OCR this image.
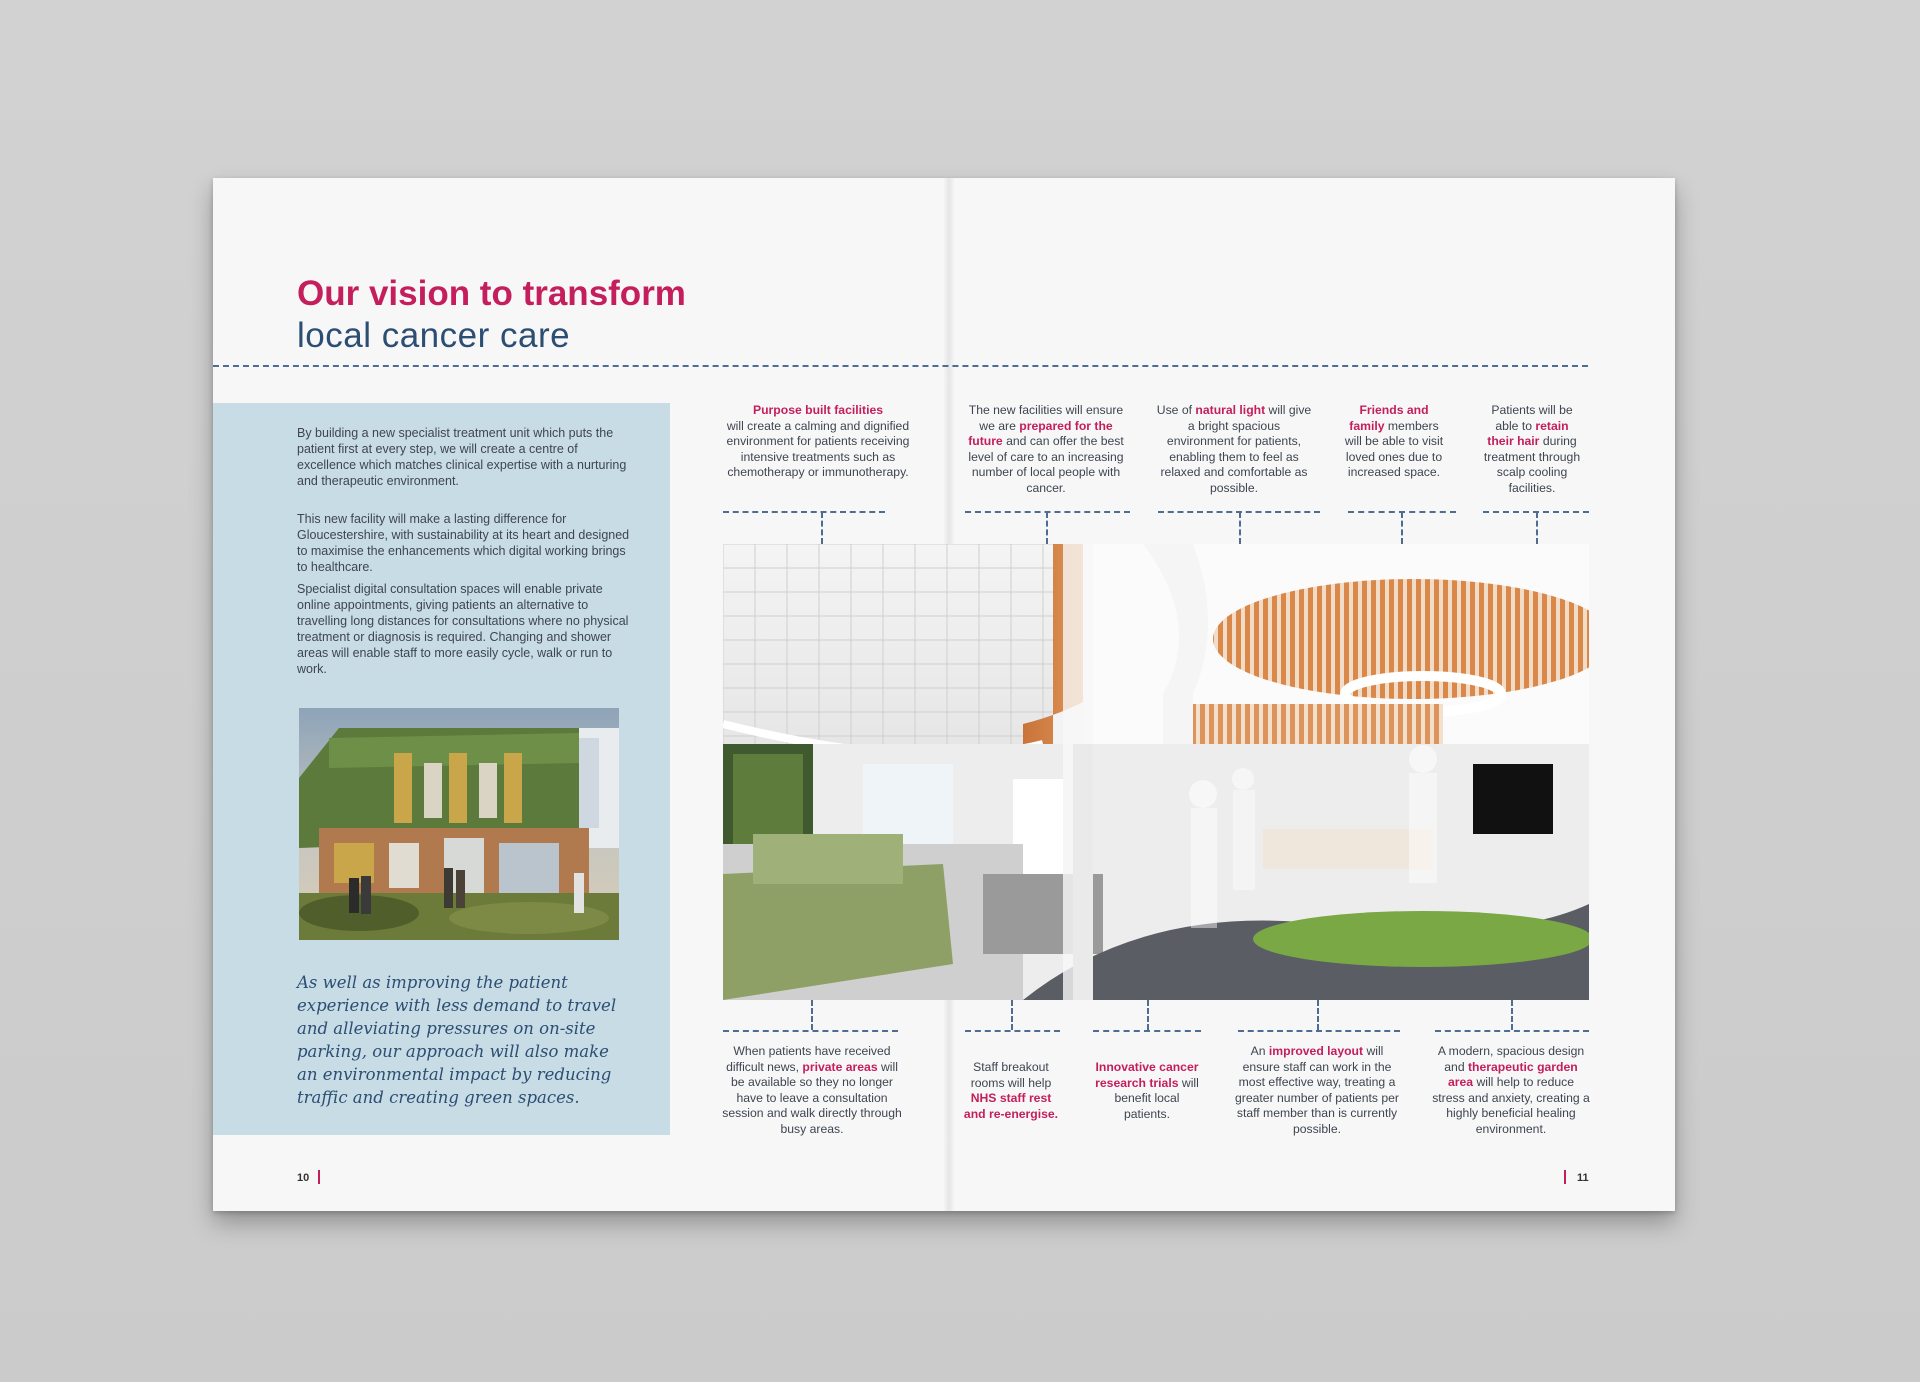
Our vision to transform
local cancer care
By building a new specialist treatment unit which puts the patient first at every step, we will create a centre of excellence which matches clinical expertise with a nurturing and therapeutic environment.
This new facility will make a lasting difference for Gloucestershire, with sustainability at its heart and designed to maximise the enhancements which digital working brings to healthcare.
Specialist digital consultation spaces will enable private online appointments, giving patients an alternative to travelling long distances for consultations where no physical treatment or diagnosis is required. Changing and shower areas will enable staff to more easily cycle, walk or run to work.
As well as improving the patient experience with less demand to travel and alleviating pressures on on-site parking, our approach will also make an environmental impact by reducing traffic and creating green spaces.
Purpose built facilities
will create a calming and dignified environment for patients receiving intensive treatments such as chemotherapy or immunotherapy.
The new facilities will ensure we are prepared for the future and can offer the best level of care to an increasing number of local people with cancer.
Use of natural light will give a bright spacious environment for patients, enabling them to feel as relaxed and comfortable as possible.
Friends and family members will be able to visit loved ones due to increased space.
Patients will be able to retain their hair during treatment through scalp cooling facilities.
When patients have received difficult news, private areas will be available so they no longer have to leave a consultation session and walk directly through busy areas.
Staff breakout rooms will help NHS staff rest and re-energise.
Innovative cancer research trials will benefit local patients.
An improved layout will ensure staff can work in the most effective way, treating a greater number of patients per staff member than is currently possible.
A modern, spacious design and therapeutic garden area will help to reduce stress and anxiety, creating a highly beneficial healing environment.
10	11
